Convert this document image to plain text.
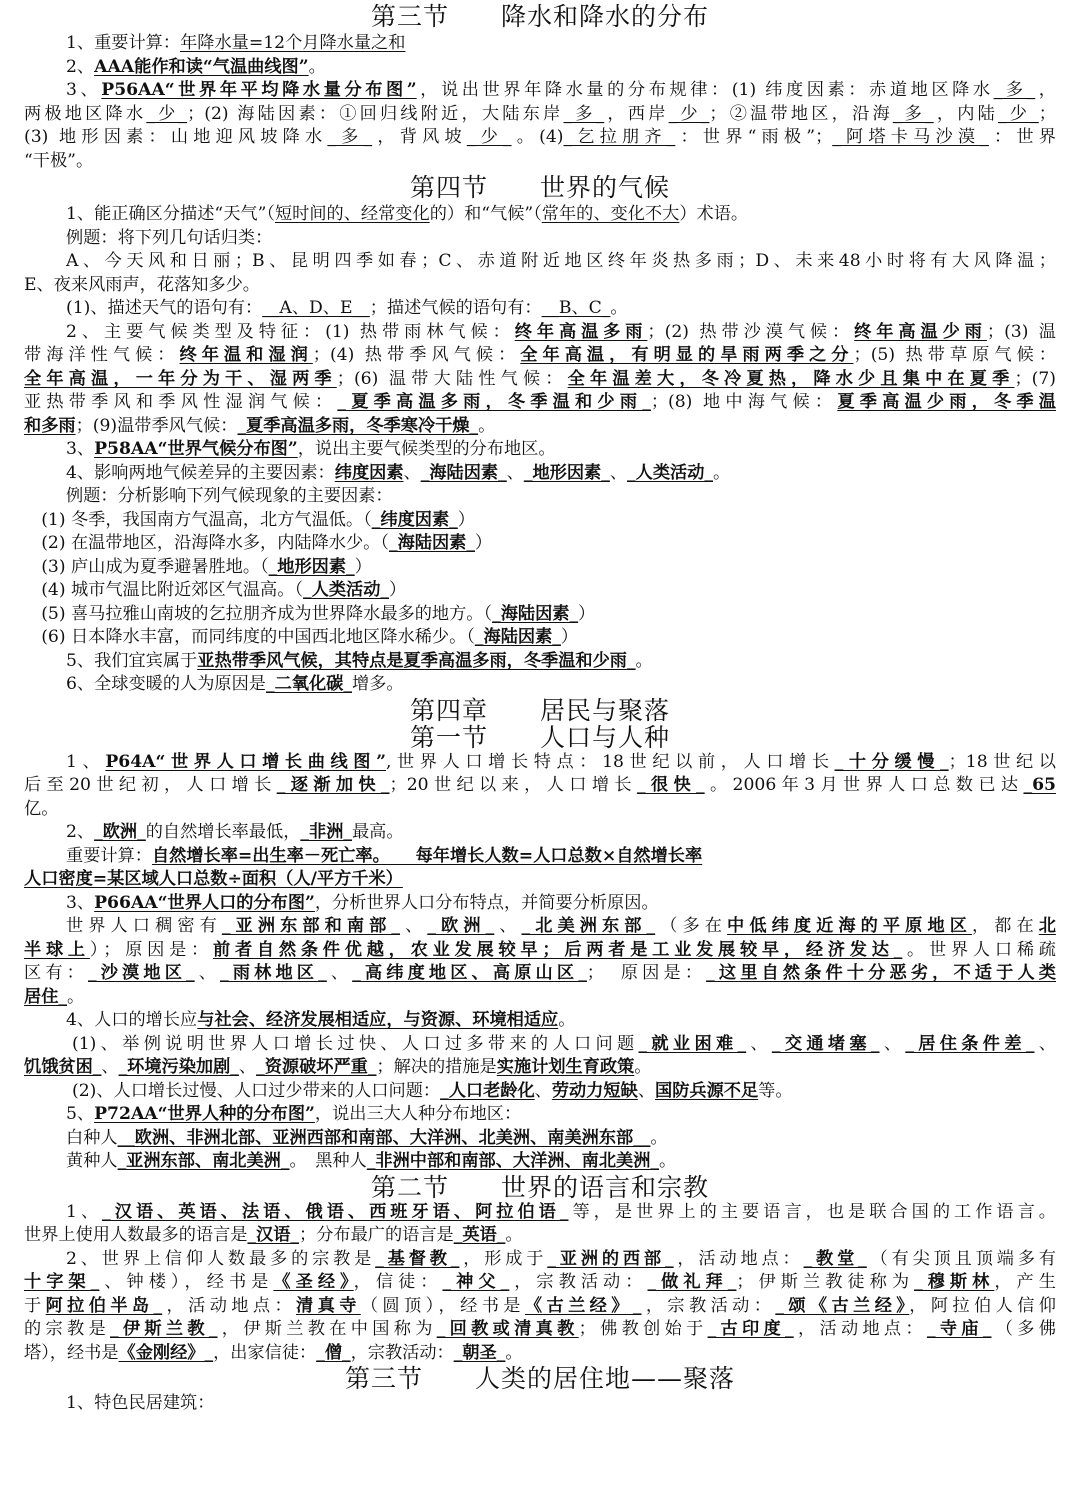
第三节　　降水和降水的分布

1、重要计算：年降水量=12个月降水量之和

2、AAA能作和读“气温曲线图”。

3、P56AA“世界年平均降水量分布图”，说出世界年降水量的分布规律：(1) 纬度因素：赤道地区降水_多_，

两极地区降水_少_；(2) 海陆因素：①回归线附近，大陆东岸_多_，西岸_少_；②温带地区，沿海_多_，内陆_少_；

(3) 地形因素：山地迎风坡降水_多_，背风坡_少_。(4)_乞拉朋齐_：世界“雨极”；_阿塔卡马沙漠_：世界

“干极”。

第四节　　世界的气候

1、能正确区分描述“天气”（短时间的、经常变化的）和“气候”（常年的、变化不大）术语。

例题：将下列几句话归类：

A、今天风和日丽；B、昆明四季如春；C、赤道附近地区终年炎热多雨；D、未来48小时将有大风降温；

E、夜来风雨声，花落知多少。

(1)、描述天气的语句有：__A、D、E__；描述气候的语句有：__B、C_。

2、主要气候类型及特征：(1) 热带雨林气候：终年高温多雨；(2) 热带沙漠气候：终年高温少雨；(3) 温

带海洋性气候：终年温和湿润；(4) 热带季风气候：全年高温，有明显的旱雨两季之分；(5) 热带草原气候：

全年高温，一年分为干、湿两季；(6) 温带大陆性气候：全年温差大，冬冷夏热，降水少且集中在夏季；(7)

亚热带季风和季风性湿润气候：_夏季高温多雨，冬季温和少雨_；(8) 地中海气候：夏季高温少雨，冬季温

和多雨；(9)温带季风气候：_夏季高温多雨，冬季寒冷干燥_。

3、P58AA“世界气候分布图”，说出主要气候类型的分布地区。

4、影响两地气候差异的主要因素：纬度因素、_海陆因素_、_地形因素_、_人类活动_。

例题：分析影响下列气候现象的主要因素：

　(1) 冬季，我国南方气温高，北方气温低。（_纬度因素_）

　(2) 在温带地区，沿海降水多，内陆降水少。（_海陆因素_）

　(3) 庐山成为夏季避暑胜地。（_地形因素_）

　(4) 城市气温比附近郊区气温高。（_人类活动_）

　(5) 喜马拉雅山南坡的乞拉朋齐成为世界降水最多的地方。（_海陆因素_）

　(6) 日本降水丰富，而同纬度的中国西北地区降水稀少。（_海陆因素_）

5、我们宜宾属于亚热带季风气候，其特点是夏季高温多雨，冬季温和少雨_。

6、全球变暖的人为原因是_二氧化碳_增多。

第四章　　居民与聚落
第一节　　人口与人种

1、P64A“世界人口增长曲线图”,世界人口增长特点：18世纪以前，人口增长_十分缓慢_；18世纪以

后至20世纪初，人口增长_逐渐加快_；20世纪以来，人口增长_很快_。2006年3月世界人口总数已达_65

亿。

2、_欧洲_的自然增长率最低，_非洲_最高。

重要计算：自然增长率=出生率－死亡率。　　每年增长人数=人口总数×自然增长率

人口密度=某区域人口总数÷面积（人/平方千米）

3、P66AA“世界人口的分布图”，分析世界人口分布特点，并简要分析原因。

世界人口稠密有_亚洲东部和南部_、_欧洲_、_北美洲东部_（多在中低纬度近海的平原地区，都在北

半球上）；原因是：前者自然条件优越，农业发展较早；后两者是工业发展较早，经济发达_。世界人口稀疏

区有：_沙漠地区_、_雨林地区_、_高纬度地区、高原山区_；　原因是：_这里自然条件十分恶劣，不适于人类

居住_。

4、人口的增长应与社会、经济发展相适应，与资源、环境相适应。

(1)、举例说明世界人口增长过快、人口过多带来的人口问题_就业困难_、_交通堵塞_、_居住条件差_、

饥饿贫困_、_环境污染加剧_、_资源破坏严重_；解决的措施是实施计划生育政策。

(2)、人口增长过慢、人口过少带来的人口问题：_人口老龄化、劳动力短缺、国防兵源不足等。

5、P72AA“世界人种的分布图”，说出三大人种分布地区：

白种人__欧洲、非洲北部、亚洲西部和南部、大洋洲、北美洲、南美洲东部__。

黄种人_亚洲东部、南北美洲_。　黑种人_非洲中部和南部、大洋洲、南北美洲_。

第二节　　世界的语言和宗教

1、_汉语、英语、法语、俄语、西班牙语、阿拉伯语_等，是世界上的主要语言，也是联合国的工作语言。

世界上使用人数最多的语言是_汉语_；分布最广的语言是_英语_。

2、世界上信仰人数最多的宗教是_基督教_，形成于_亚洲的西部_，活动地点：_教堂_（有尖顶且顶端多有

十字架_、钟楼），经书是《圣经》，信徒：_神父_，宗教活动：_做礼拜_；伊斯兰教徒称为_穆斯林，产生

于阿拉伯半岛_，活动地点：清真寺（圆顶），经书是《古兰经》_，宗教活动：_颂《古兰经》，阿拉伯人信仰

的宗教是_伊斯兰教_，伊斯兰教在中国称为_回教或清真教；佛教创始于_古印度_，活动地点：_寺庙_（多佛

塔），经书是《金刚经》_，出家信徒：_僧_，宗教活动：_朝圣_。

第三节　　人类的居住地——聚落

1、特色民居建筑：
